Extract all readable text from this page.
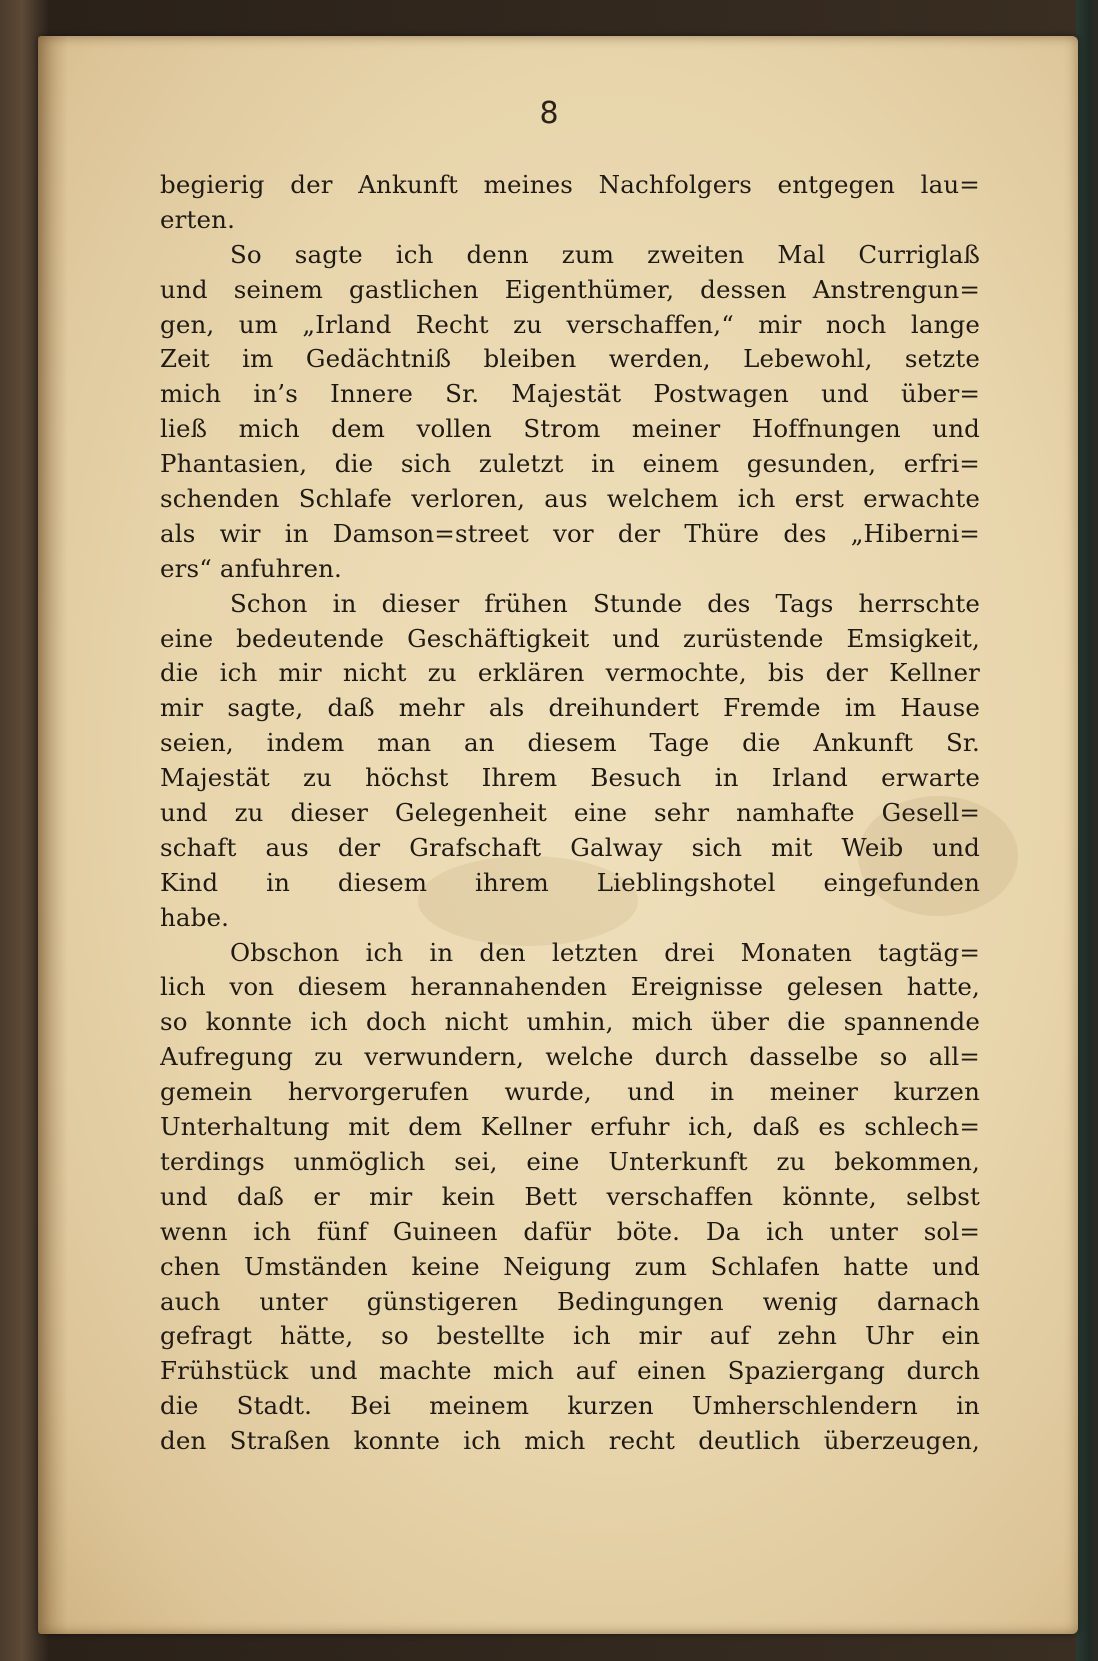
8
begierig der Ankunft meines Nachfolgers entgegen lau=
erten.
So sagte ich denn zum zweiten Mal Curriglaß
und seinem gastlichen Eigenthümer, dessen Anstrengun=
gen, um „Irland Recht zu verschaffen,“ mir noch lange
Zeit im Gedächtniß bleiben werden, Lebewohl, setzte
mich in’s Innere Sr. Majestät Postwagen und über=
ließ mich dem vollen Strom meiner Hoffnungen und
Phantasien, die sich zuletzt in einem gesunden, erfri=
schenden Schlafe verloren, aus welchem ich erst erwachte
als wir in Damson=street vor der Thüre des „Hiberni=
ers“ anfuhren.
Schon in dieser frühen Stunde des Tags herrschte
eine bedeutende Geschäftigkeit und zurüstende Emsigkeit,
die ich mir nicht zu erklären vermochte, bis der Kellner
mir sagte, daß mehr als dreihundert Fremde im Hause
seien, indem man an diesem Tage die Ankunft Sr.
Majestät zu höchst Ihrem Besuch in Irland erwarte
und zu dieser Gelegenheit eine sehr namhafte Gesell=
schaft aus der Grafschaft Galway sich mit Weib und
Kind in diesem ihrem Lieblingshotel eingefunden
habe.
Obschon ich in den letzten drei Monaten tagtäg=
lich von diesem herannahenden Ereignisse gelesen hatte,
so konnte ich doch nicht umhin, mich über die spannende
Aufregung zu verwundern, welche durch dasselbe so all=
gemein hervorgerufen wurde, und in meiner kurzen
Unterhaltung mit dem Kellner erfuhr ich, daß es schlech=
terdings unmöglich sei, eine Unterkunft zu bekommen,
und daß er mir kein Bett verschaffen könnte, selbst
wenn ich fünf Guineen dafür böte. Da ich unter sol=
chen Umständen keine Neigung zum Schlafen hatte und
auch unter günstigeren Bedingungen wenig darnach
gefragt hätte, so bestellte ich mir auf zehn Uhr ein
Frühstück und machte mich auf einen Spaziergang durch
die Stadt. Bei meinem kurzen Umherschlendern in
den Straßen konnte ich mich recht deutlich überzeugen,
